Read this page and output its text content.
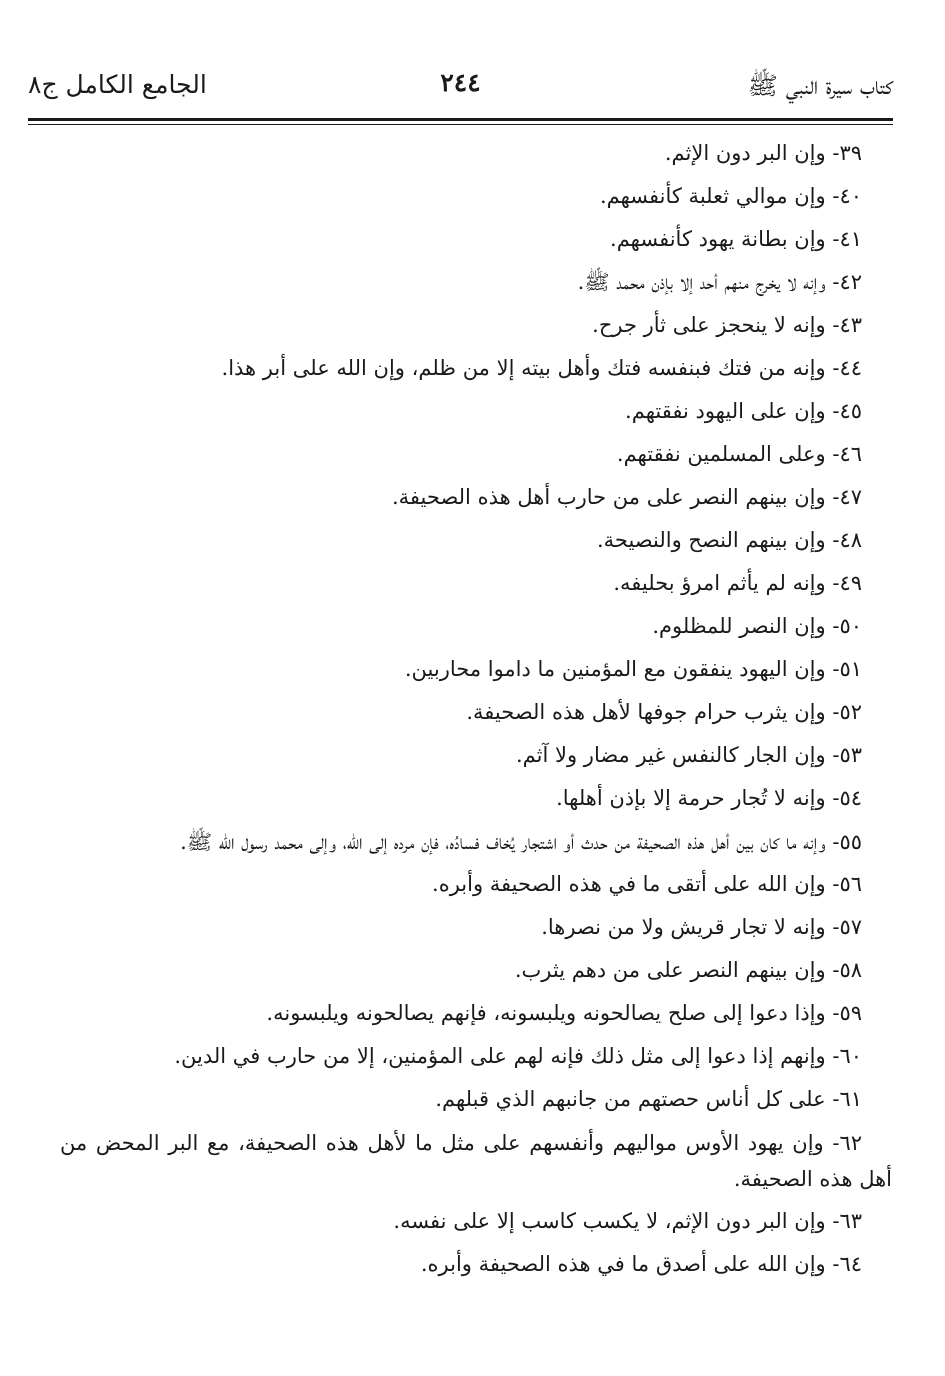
كتاب سيرة النبي ﷺ
٢٤٤
الجامع الكامل ج٨

٣٩- وإن البر دون الإثم.

٤٠- وإن موالي ثعلبة كأنفسهم.

٤١- وإن بطانة يهود كأنفسهم.

٤٢- وإنه لا يخرج منهم أحد إلا بإذن محمد ﷺ.

٤٣- وإنه لا ينحجز على ثأر جرح.

٤٤- وإنه من فتك فبنفسه فتك وأهل بيته إلا من ظلم، وإن الله على أبر هذا.

٤٥- وإن على اليهود نفقتهم.

٤٦- وعلى المسلمين نفقتهم.

٤٧- وإن بينهم النصر على من حارب أهل هذه الصحيفة.

٤٨- وإن بينهم النصح والنصيحة.

٤٩- وإنه لم يأثم امرؤ بحليفه.

٥٠- وإن النصر للمظلوم.

٥١- وإن اليهود ينفقون مع المؤمنين ما داموا محاربين.

٥٢- وإن يثرب حرام جوفها لأهل هذه الصحيفة.

٥٣- وإن الجار كالنفس غير مضار ولا آثم.

٥٤- وإنه لا تُجار حرمة إلا بإذن أهلها.

٥٥- وإنه ما كان بين أهل هذه الصحيفة من حدث أو اشتجار يُخاف فسادُه، فإن مرده إلى الله، وإلى محمد رسول الله ﷺ.

٥٦- وإن الله على أتقى ما في هذه الصحيفة وأبره.

٥٧- وإنه لا تجار قريش ولا من نصرها.

٥٨- وإن بينهم النصر على من دهم يثرب.

٥٩- وإذا دعوا إلى صلح يصالحونه ويلبسونه، فإنهم يصالحونه ويلبسونه.

٦٠- وإنهم إذا دعوا إلى مثل ذلك فإنه لهم على المؤمنين، إلا من حارب في الدين.

٦١- على كل أناس حصتهم من جانبهم الذي قبلهم.

٦٢- وإن يهود الأوس مواليهم وأنفسهم على مثل ما لأهل هذه الصحيفة، مع البر المحض من أهل هذه الصحيفة.

٦٣- وإن البر دون الإثم، لا يكسب كاسب إلا على نفسه.

٦٤- وإن الله على أصدق ما في هذه الصحيفة وأبره.
